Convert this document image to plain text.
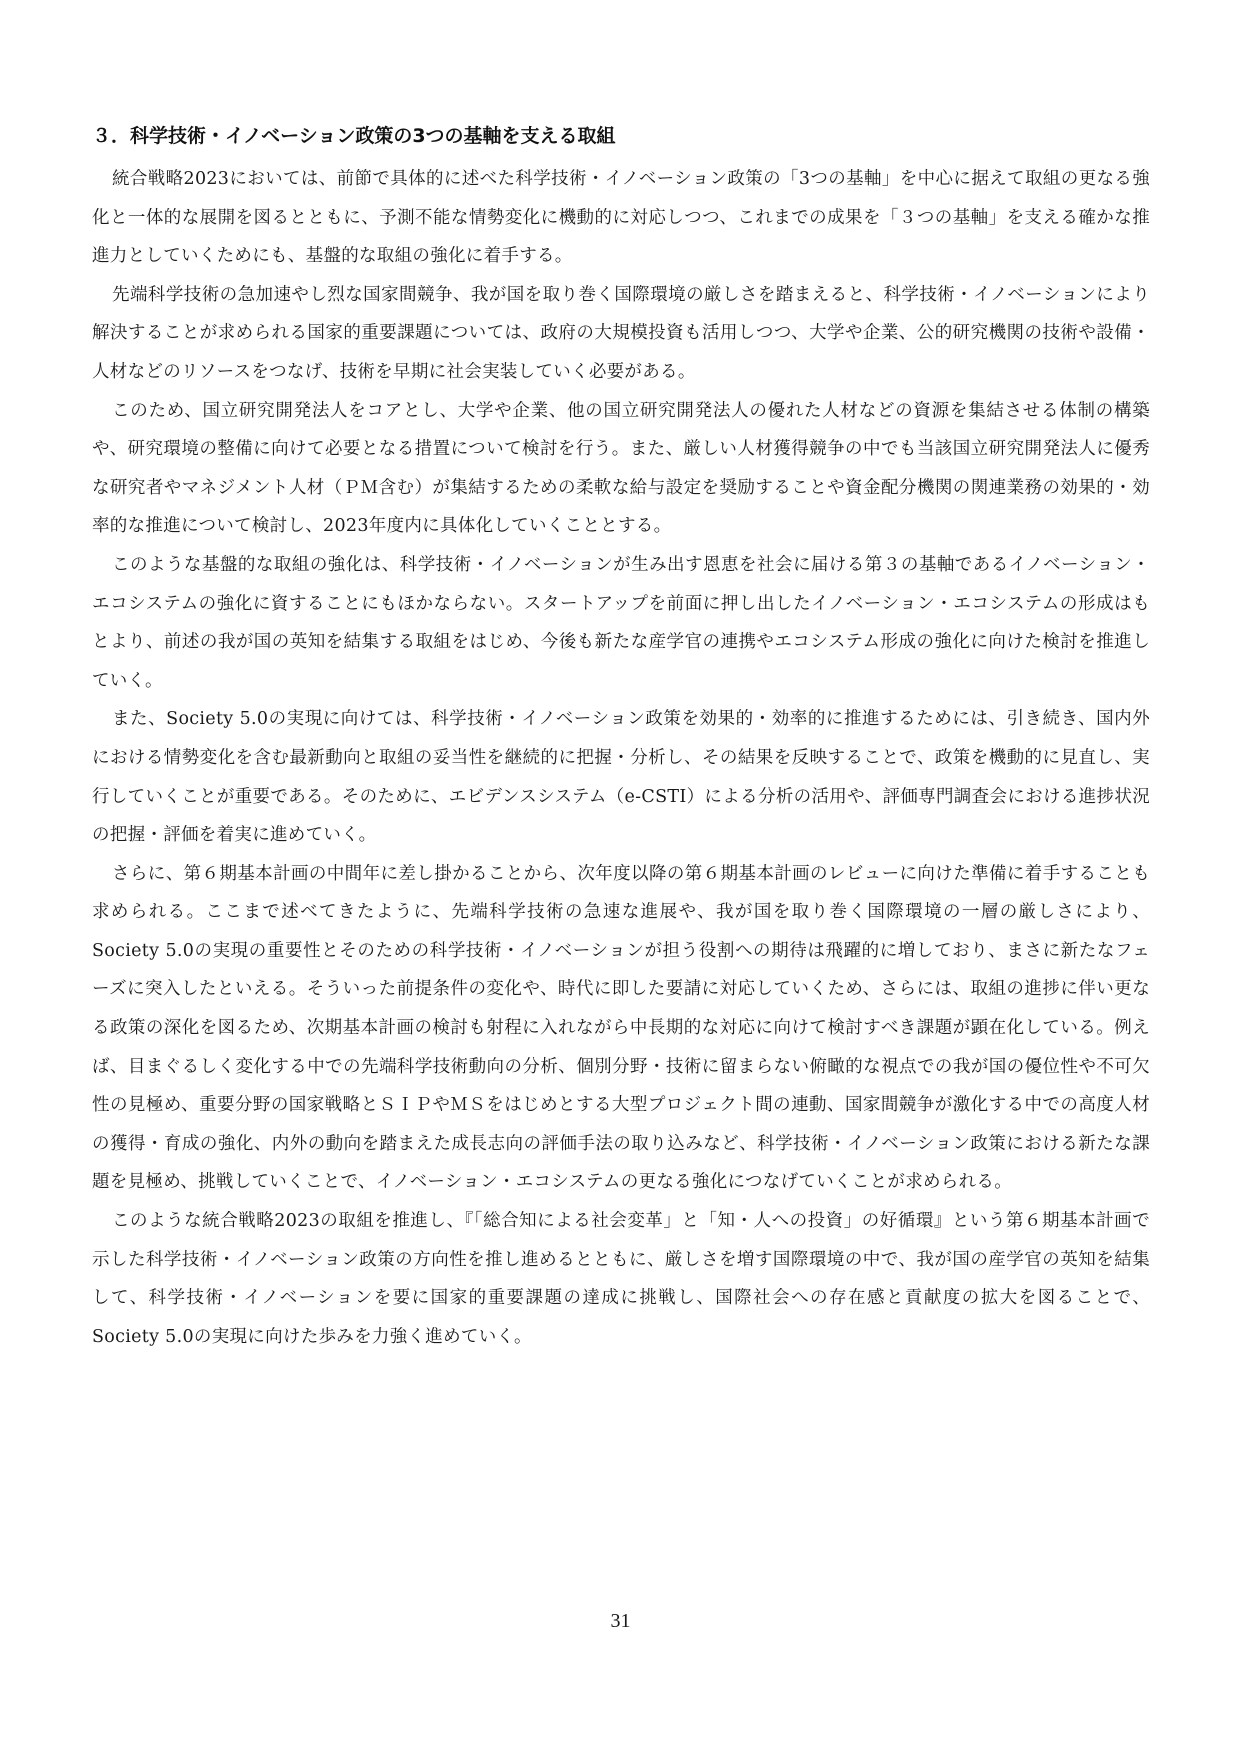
３．科学技術・イノベーション政策の3つの基軸を支える取組

統合戦略2023においては、前節で具体的に述べた科学技術・イノベーション政策の「3つの基軸」を中心に据えて取組の更なる強化と一体的な展開を図るとともに、予測不能な情勢変化に機動的に対応しつつ、これまでの成果を「３つの基軸」を支える確かな推進力としていくためにも、基盤的な取組の強化に着手する。

先端科学技術の急加速やし烈な国家間競争、我が国を取り巻く国際環境の厳しさを踏まえると、科学技術・イノベーションにより解決することが求められる国家的重要課題については、政府の大規模投資も活用しつつ、大学や企業、公的研究機関の技術や設備・人材などのリソースをつなげ、技術を早期に社会実装していく必要がある。

このため、国立研究開発法人をコアとし、大学や企業、他の国立研究開発法人の優れた人材などの資源を集結させる体制の構築や、研究環境の整備に向けて必要となる措置について検討を行う。また、厳しい人材獲得競争の中でも当該国立研究開発法人に優秀な研究者やマネジメント人材（ＰＭ含む）が集結するための柔軟な給与設定を奨励することや資金配分機関の関連業務の効果的・効率的な推進について検討し、2023年度内に具体化していくこととする。

このような基盤的な取組の強化は、科学技術・イノベーションが生み出す恩恵を社会に届ける第３の基軸であるイノベーション・エコシステムの強化に資することにもほかならない。スタートアップを前面に押し出したイノベーション・エコシステムの形成はもとより、前述の我が国の英知を結集する取組をはじめ、今後も新たな産学官の連携やエコシステム形成の強化に向けた検討を推進していく。

また、Society 5.0の実現に向けては、科学技術・イノベーション政策を効果的・効率的に推進するためには、引き続き、国内外における情勢変化を含む最新動向と取組の妥当性を継続的に把握・分析し、その結果を反映することで、政策を機動的に見直し、実行していくことが重要である。そのために、エビデンスシステム（e-CSTI）による分析の活用や、評価専門調査会における進捗状況の把握・評価を着実に進めていく。

さらに、第６期基本計画の中間年に差し掛かることから、次年度以降の第６期基本計画のレビューに向けた準備に着手することも求められる。ここまで述べてきたように、先端科学技術の急速な進展や、我が国を取り巻く国際環境の一層の厳しさにより、Society 5.0の実現の重要性とそのための科学技術・イノベーションが担う役割への期待は飛躍的に増しており、まさに新たなフェーズに突入したといえる。そういった前提条件の変化や、時代に即した要請に対応していくため、さらには、取組の進捗に伴い更なる政策の深化を図るため、次期基本計画の検討も射程に入れながら中長期的な対応に向けて検討すべき課題が顕在化している。例えば、目まぐるしく変化する中での先端科学技術動向の分析、個別分野・技術に留まらない俯瞰的な視点での我が国の優位性や不可欠性の見極め、重要分野の国家戦略とＳＩＰやＭＳをはじめとする大型プロジェクト間の連動、国家間競争が激化する中での高度人材の獲得・育成の強化、内外の動向を踏まえた成長志向の評価手法の取り込みなど、科学技術・イノベーション政策における新たな課題を見極め、挑戦していくことで、イノベーション・エコシステムの更なる強化につなげていくことが求められる。

このような統合戦略2023の取組を推進し、『「総合知による社会変革」と「知・人への投資」の好循環』という第６期基本計画で示した科学技術・イノベーション政策の方向性を推し進めるとともに、厳しさを増す国際環境の中で、我が国の産学官の英知を結集して、科学技術・イノベーションを要に国家的重要課題の達成に挑戦し、国際社会への存在感と貢献度の拡大を図ることで、Society 5.0の実現に向けた歩みを力強く進めていく。

31
